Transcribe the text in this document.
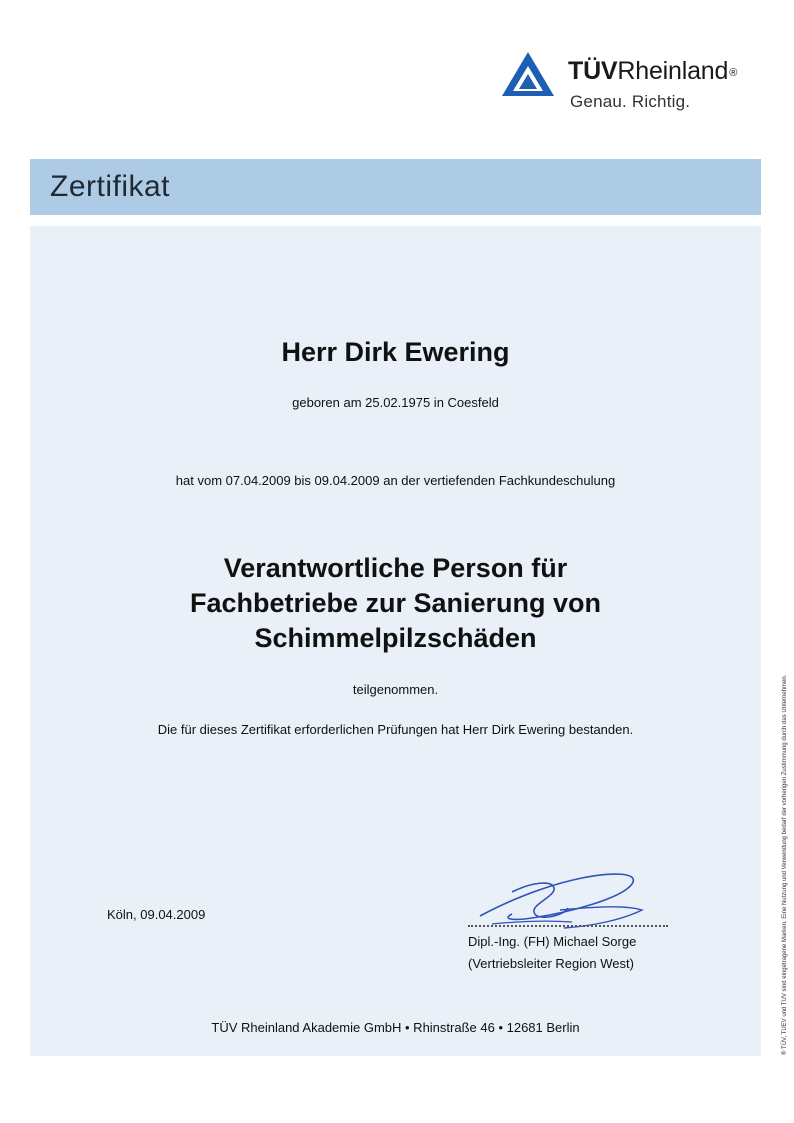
TÜVRheinland®
Genau. Richtig.
Zertifikat
Herr Dirk Ewering
geboren am 25.02.1975 in Coesfeld
hat vom 07.04.2009 bis 09.04.2009 an der vertiefenden Fachkundeschulung
Verantwortliche Person für
Fachbetriebe zur Sanierung von
Schimmelpilzschäden
teilgenommen.
Die für dieses Zertifikat erforderlichen Prüfungen hat Herr Dirk Ewering bestanden.
Köln, 09.04.2009
Dipl.-Ing. (FH) Michael Sorge
(Vertriebsleiter Region West)
TÜV Rheinland Akademie GmbH • Rhinstraße 46 • 12681 Berlin	® TÜV, TUEV und TUV sind eingetragene Marken. Eine Nutzung und Verwendung bedarf der vorherigen Zustimmung durch das Unternehmen.
